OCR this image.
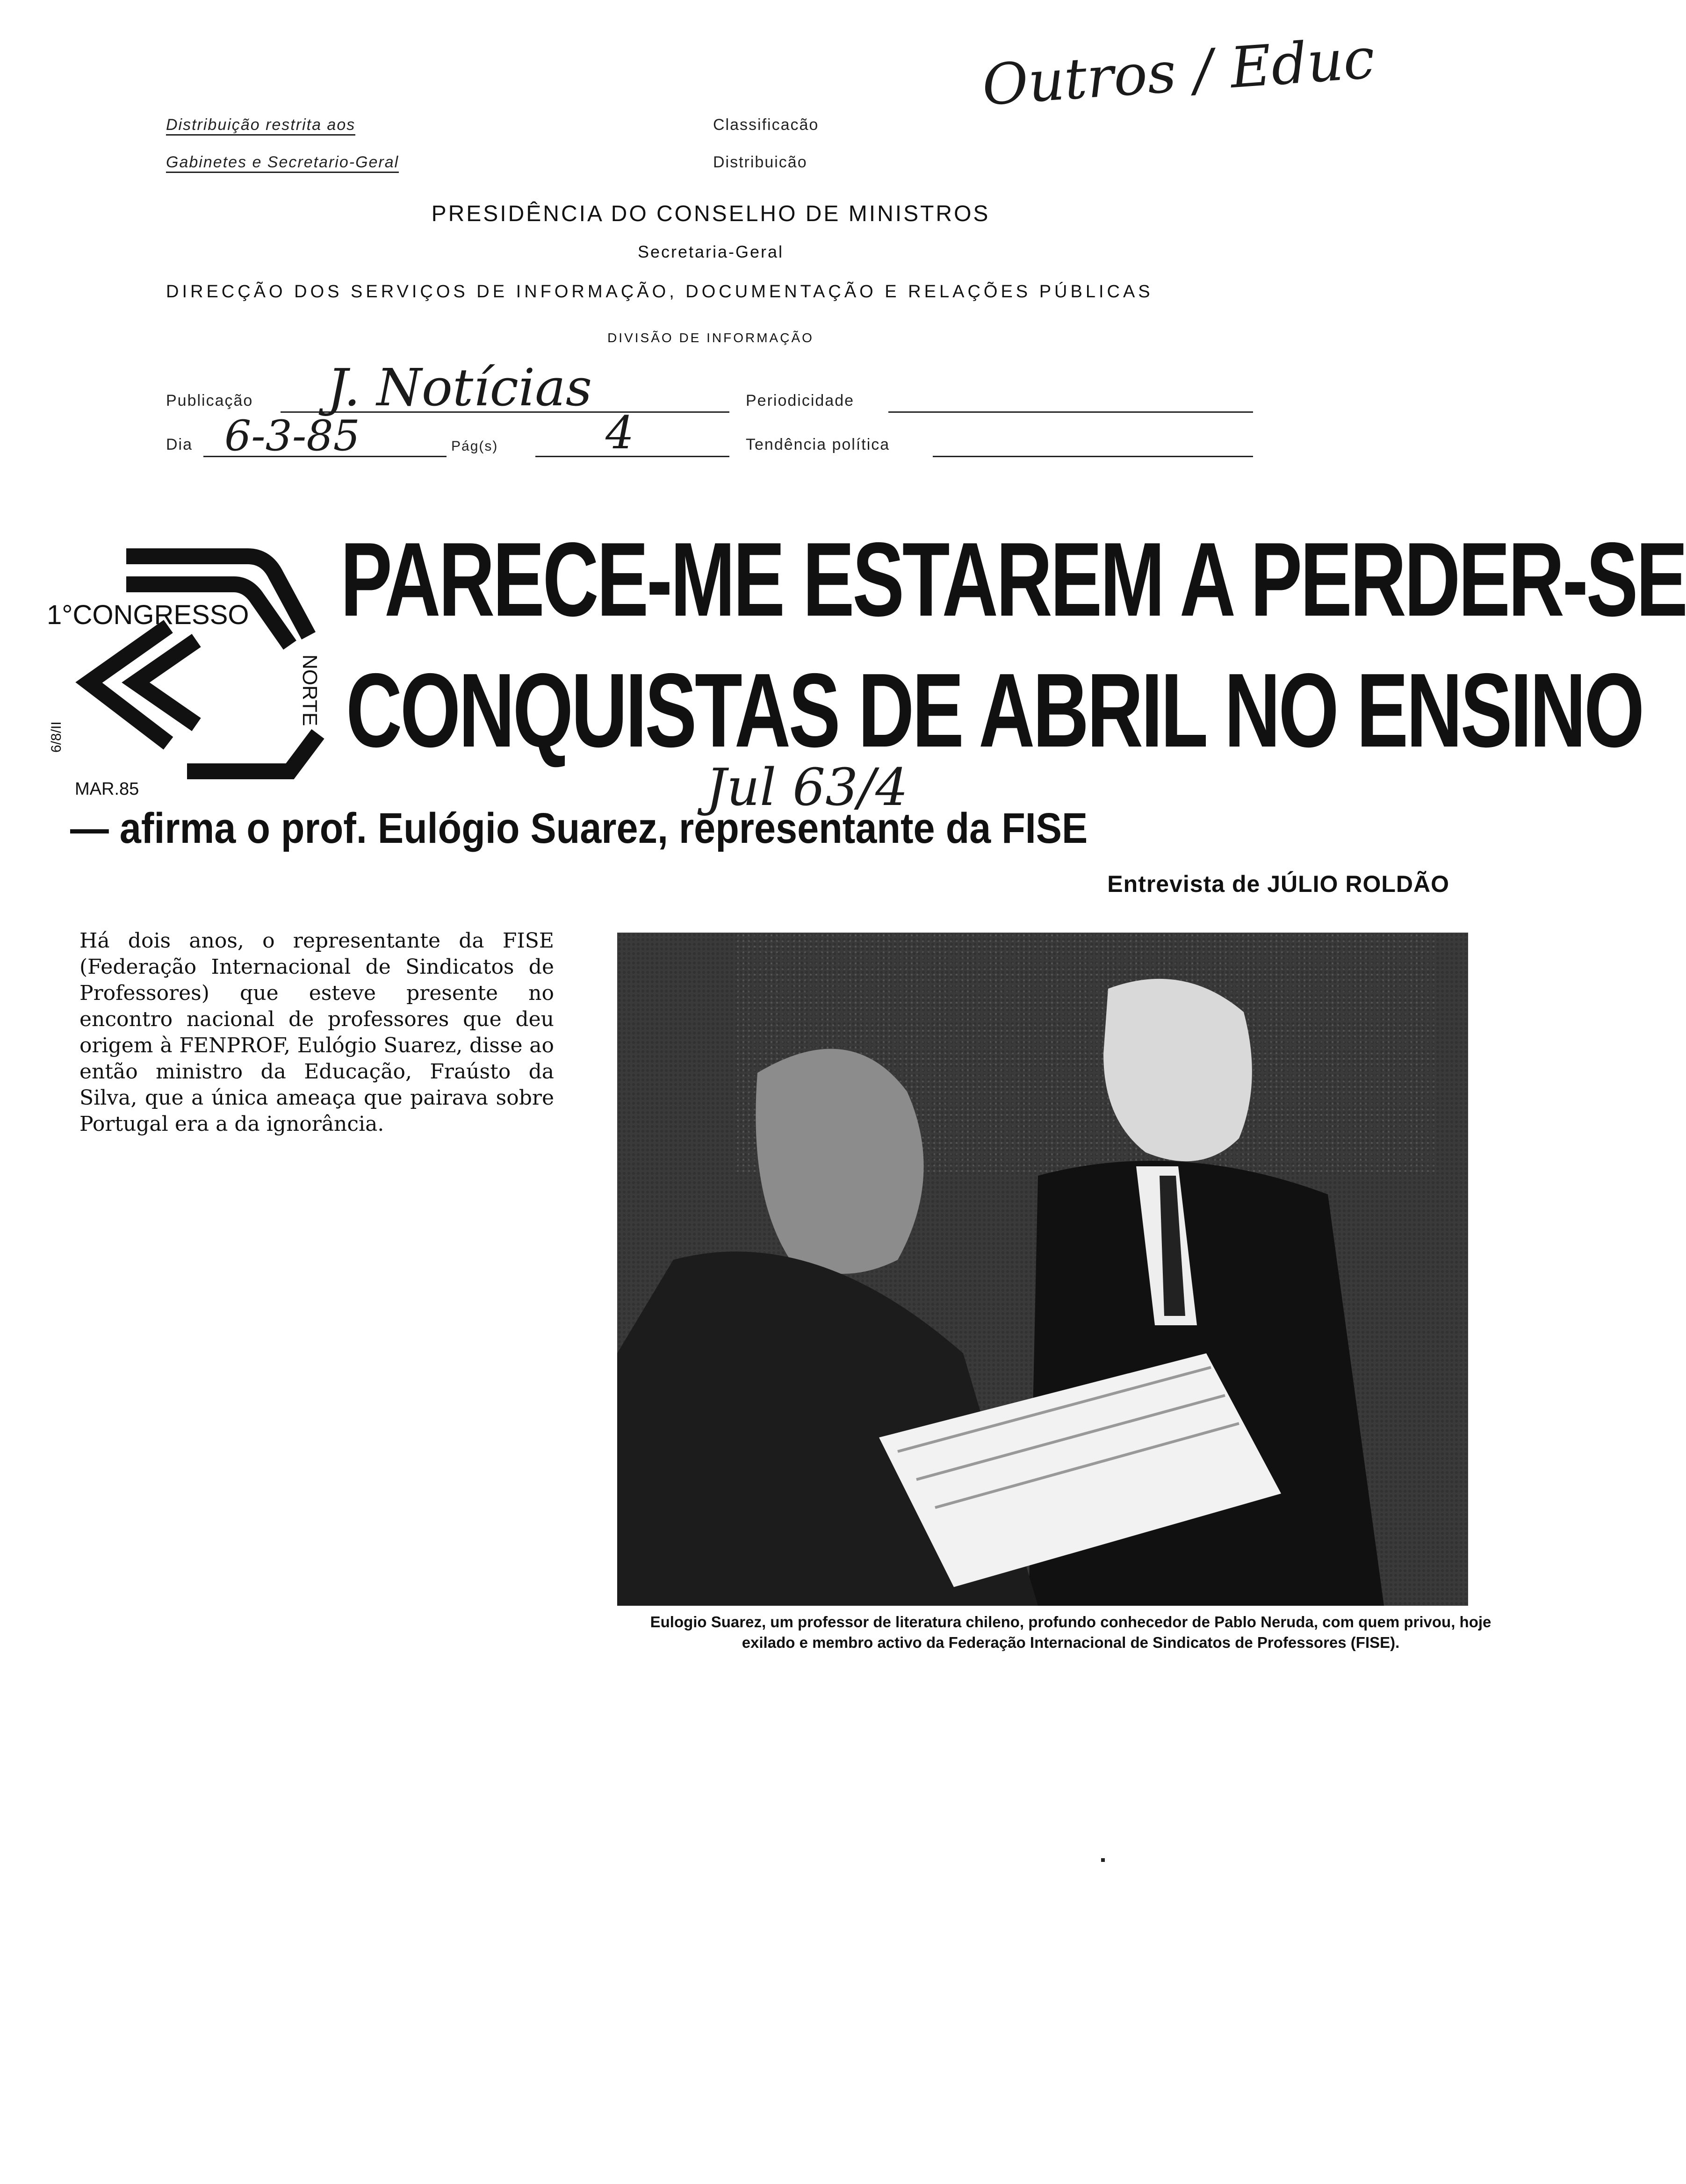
Distribuição restrita aos
Gabinetes e Secretario-Geral
Classificacão
Distribuicão
Outros / Educ
PRESIDÊNCIA DO CONSELHO DE MINISTROS
Secretaria-Geral
DIRECÇÃO DOS SERVIÇOS DE INFORMAÇÃO, DOCUMENTAÇÃO E RELAÇÕES PÚBLICAS
DIVISÃO DE INFORMAÇÃO
Publicação J. Notícias	Periodicidade
Dia 6-3-85	Pág(s) 4	Tendência política
1°CONGRESSO
NORTE
MAR.85
6/8/II
PARECE-ME ESTAREM A PERDER-SE
CONQUISTAS DE ABRIL NO ENSINO
Jul 63/4
— afirma o prof. Eulógio Suarez, representante da FISE
Entrevista de JÚLIO ROLDÃO
Há dois anos, o representante da FISE (Federação Internacional de Sindicatos de Professores) que esteve presente no encontro nacional de professores que deu origem à FENPROF, Eulógio Suarez, disse ao então ministro da Educação, Fraústo da Silva, que a única ameaça que pairava sobre Portugal era a da ignorância.
Eulogio Suarez, um professor de literatura chileno, profundo conhecedor de Pablo Neruda, com quem privou, hoje exilado e membro activo da Federação Internacional de Sindicatos de Professores (FISE).
